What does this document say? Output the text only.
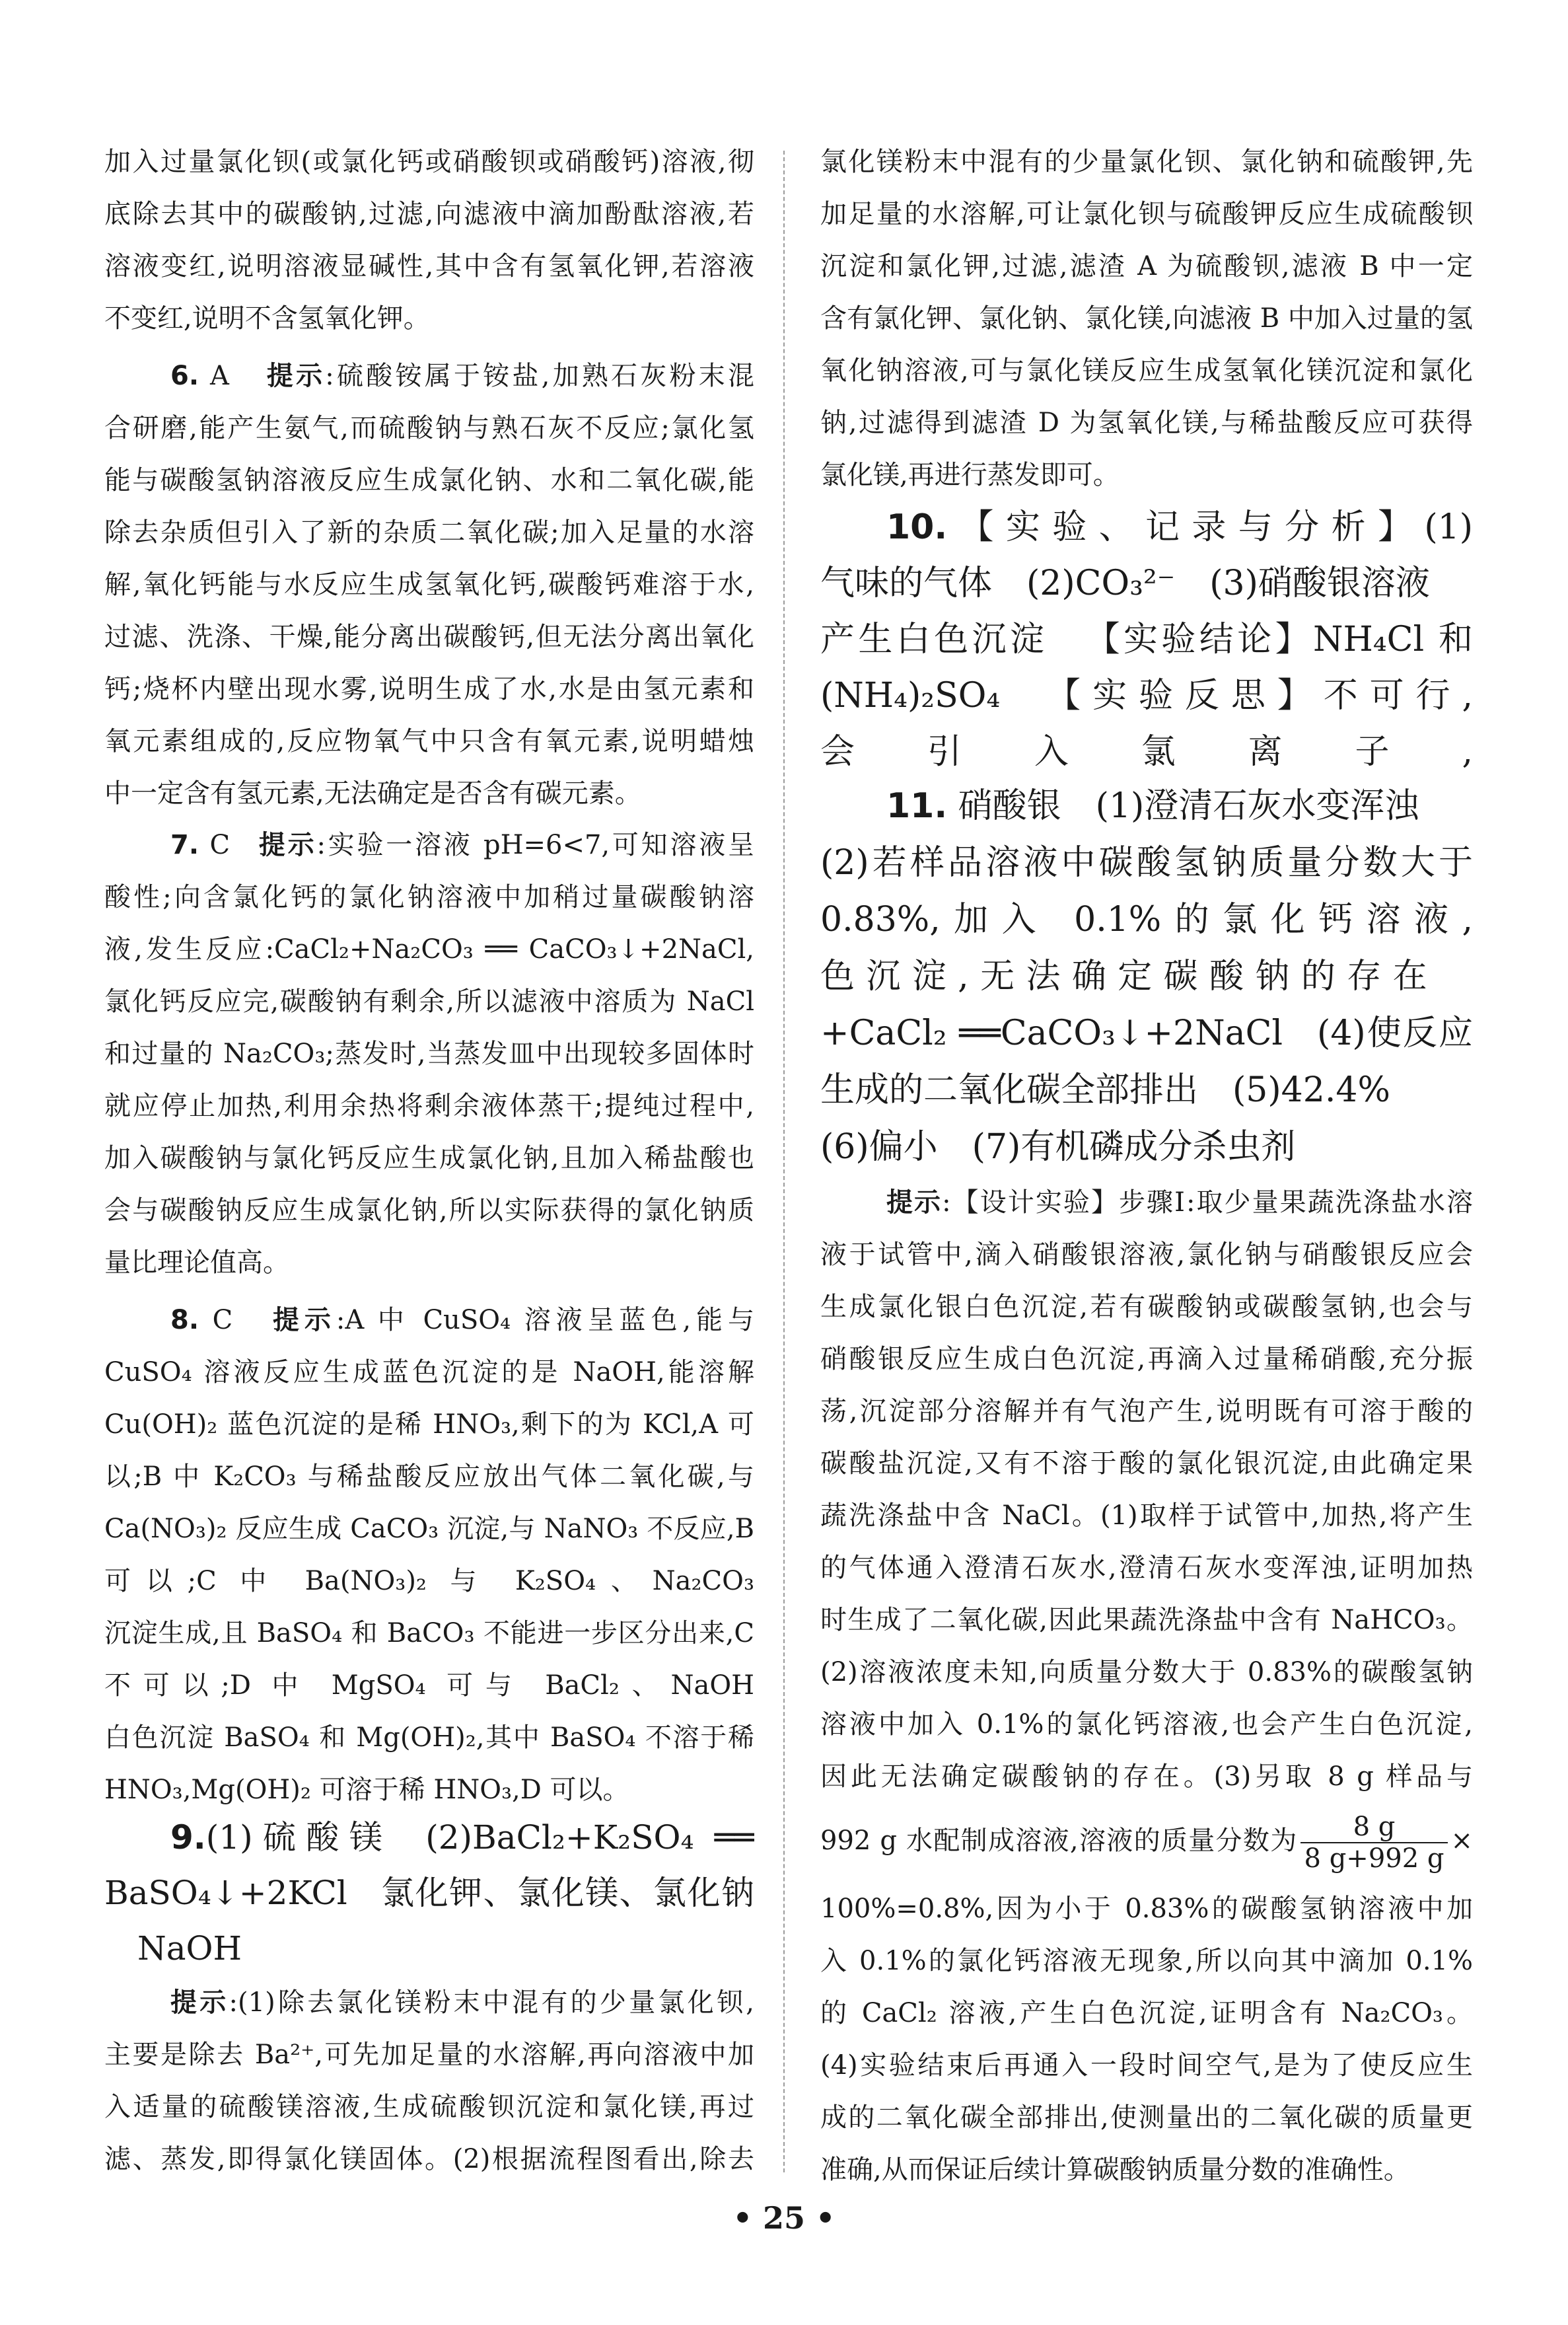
加入过量氯化钡(或氯化钙或硝酸钡或硝酸钙)溶液,彻
底除去其中的碳酸钠,过滤,向滤液中滴加酚酞溶液,若
溶液变红,说明溶液显碱性,其中含有氢氧化钾,若溶液
不变红,说明不含氢氧化钾。
6. A  提示:硫酸铵属于铵盐,加熟石灰粉末混
合研磨,能产生氨气,而硫酸钠与熟石灰不反应;氯化氢
能与碳酸氢钠溶液反应生成氯化钠、水和二氧化碳,能
除去杂质但引入了新的杂质二氧化碳;加入足量的水溶
解,氧化钙能与水反应生成氢氧化钙,碳酸钙难溶于水,
过滤、洗涤、干燥,能分离出碳酸钙,但无法分离出氧化
钙;烧杯内壁出现水雾,说明生成了水,水是由氢元素和
氧元素组成的,反应物氧气中只含有氧元素,说明蜡烛
中一定含有氢元素,无法确定是否含有碳元素。
7. C 提示:实验一溶液 pH=6<7,可知溶液呈
酸性;向含氯化钙的氯化钠溶液中加稍过量碳酸钠溶
液,发生反应:CaCl₂+Na₂CO₃ ══ CaCO₃↓+2NaCl,
氯化钙反应完,碳酸钠有剩余,所以滤液中溶质为 NaCl
和过量的 Na₂CO₃;蒸发时,当蒸发皿中出现较多固体时
就应停止加热,利用余热将剩余液体蒸干;提纯过程中,
加入碳酸钠与氯化钙反应生成氯化钠,且加入稀盐酸也
会与碳酸钠反应生成氯化钠,所以实际获得的氯化钠质
量比理论值高。
8. C  提示:A 中 CuSO₄ 溶液呈蓝色,能与
CuSO₄ 溶液反应生成蓝色沉淀的是 NaOH,能溶解
Cu(OH)₂ 蓝色沉淀的是稀 HNO₃,剩下的为 KCl,A 可
以;B 中 K₂CO₃ 与稀盐酸反应放出气体二氧化碳,与
Ca(NO₃)₂ 反应生成 CaCO₃ 沉淀,与 NaNO₃ 不反应,B
可以;C 中 Ba(NO₃)₂ 与 K₂SO₄、Na₂CO₃
沉淀生成,且 BaSO₄ 和 BaCO₃ 不能进一步区分出来,C
不可以;D 中 MgSO₄ 可与 BaCl₂、NaOH
白色沉淀 BaSO₄ 和 Mg(OH)₂,其中 BaSO₄ 不溶于稀
HNO₃,Mg(OH)₂ 可溶于稀 HNO₃,D 可以。
9.(1)硫酸镁 (2)BaCl₂+K₂SO₄ ══
BaSO₄↓+2KCl 氯化钾、氯化镁、氯化钠
NaOH
提示:(1)除去氯化镁粉末中混有的少量氯化钡,
主要是除去 Ba²⁺,可先加足量的水溶解,再向溶液中加
入适量的硫酸镁溶液,生成硫酸钡沉淀和氯化镁,再过
滤、蒸发,即得氯化镁固体。(2)根据流程图看出,除去
氯化镁粉末中混有的少量氯化钡、氯化钠和硫酸钾,先
加足量的水溶解,可让氯化钡与硫酸钾反应生成硫酸钡
沉淀和氯化钾,过滤,滤渣 A 为硫酸钡,滤液 B 中一定
含有氯化钾、氯化钠、氯化镁,向滤液 B 中加入过量的氢
氧化钠溶液,可与氯化镁反应生成氢氧化镁沉淀和氯化
钠,过滤得到滤渣 D 为氢氧化镁,与稀盐酸反应可获得
氯化镁,再进行蒸发即可。
10.【实验、记录与分析】(1)
气味的气体 (2)CO₃²⁻ (3)硝酸银溶液
产生白色沉淀 【实验结论】NH₄Cl 和
(NH₄)₂SO₄ 【实验反思】不可行,
会引入氯离子,
11. 硝酸银 (1)澄清石灰水变浑浊
(2)若样品溶液中碳酸氢钠质量分数大于
0.83%,加入 0.1%的氯化钙溶液,
色沉淀,无法确定碳酸钠的存在 
+CaCl₂ ══CaCO₃↓+2NaCl (4)使反应
生成的二氧化碳全部排出 (5)42.4%
(6)偏小 (7)有机磷成分杀虫剂
提示:【设计实验】步骤Ⅰ:取少量果蔬洗涤盐水溶
液于试管中,滴入硝酸银溶液,氯化钠与硝酸银反应会
生成氯化银白色沉淀,若有碳酸钠或碳酸氢钠,也会与
硝酸银反应生成白色沉淀,再滴入过量稀硝酸,充分振
荡,沉淀部分溶解并有气泡产生,说明既有可溶于酸的
碳酸盐沉淀,又有不溶于酸的氯化银沉淀,由此确定果
蔬洗涤盐中含 NaCl。(1)取样于试管中,加热,将产生
的气体通入澄清石灰水,澄清石灰水变浑浊,证明加热
时生成了二氧化碳,因此果蔬洗涤盐中含有 NaHCO₃。
(2)溶液浓度未知,向质量分数大于 0.83%的碳酸氢钠
溶液中加入 0.1%的氯化钙溶液,也会产生白色沉淀,
因此无法确定碳酸钠的存在。(3)另取 8 g 样品与
992 g 水配制成溶液,溶液的质量分数为 $\frac{8 g}{8 g+992 g}$ ×
100%=0.8%,因为小于 0.83%的碳酸氢钠溶液中加
入 0.1%的氯化钙溶液无现象,所以向其中滴加 0.1%
的 CaCl₂ 溶液,产生白色沉淀,证明含有 Na₂CO₃。
(4)实验结束后再通入一段时间空气,是为了使反应生
成的二氧化碳全部排出,使测量出的二氧化碳的质量更
准确,从而保证后续计算碳酸钠质量分数的准确性。
• 25 •
